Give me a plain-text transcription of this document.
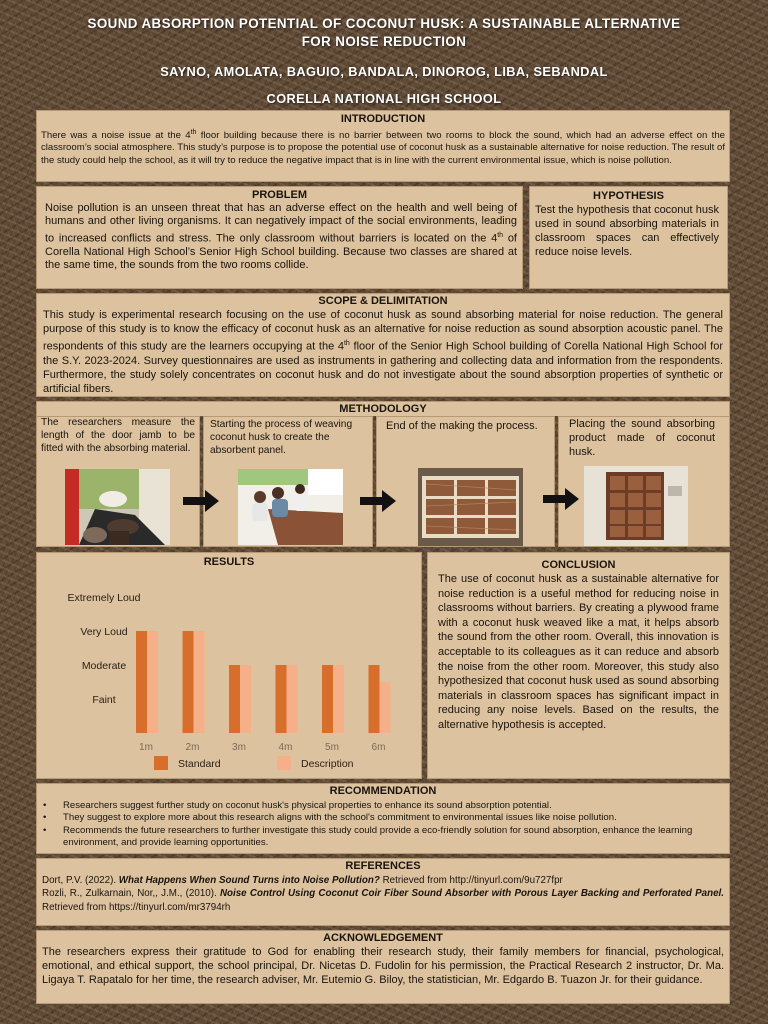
SOUND ABSORPTION POTENTIAL OF COCONUT HUSK: A SUSTAINABLE ALTERNATIVE
FOR NOISE REDUCTION
SAYNO, AMOLATA, BAGUIO, BANDALA, DINOROG, LIBA, SEBANDAL
CORELLA NATIONAL HIGH SCHOOL
INTRODUCTION

There was a noise issue at the 4th floor building because there is no barrier between two rooms to block the sound, which had an adverse effect on the classroom’s social atmosphere. This study’s purpose is to propose the potential use of coconut husk as a sustainable alternative for noise reduction. The result of the study could help the school, as it will try to reduce the negative impact that is in line with the current environmental issue, which is noise pollution.

PROBLEM

Noise pollution is an unseen threat that has an adverse effect on the health and well being of humans and other living organisms. It can negatively impact of the social environments, leading to increased conflicts and stress. The only classroom without barriers is located on the 4th of Corella National High School’s Senior High School building. Because two classes are shared at the same time, the sounds from the two rooms collide.

HYPOTHESIS

Test the hypothesis that coconut husk used in sound absorbing materials in classroom spaces can effectively reduce noise levels.

SCOPE & DELIMITATION

This study is experimental research focusing on the use of coconut husk as sound absorbing material for noise reduction. The general purpose of this study is to know the efficacy of coconut husk as an alternative for noise reduction as sound absorption acoustic panel. The respondents of this study are the learners occupying at the 4th floor of the Senior High School building of Corella National High School for the S.Y. 2023-2024. Survey questionnaires are used as instruments in gathering and collecting data and information from the respondents. Furthermore, the study solely concentrates on coconut husk and do not investigate about the sound absorption properties of synthetic or artificial fibers.

METHODOLOGY

The researchers measure the length of the door jamb to be fitted with the absorbing material.

Starting the process of weaving coconut husk to create the absorbent panel.

End of the making the process.	Placing the sound absorbing product made of coconut husk.

RESULTS
Faint
Moderate
Very Loud
Extremely Loud
1m	2m	3m	4m	5m	6m
Standard	Description
CONCLUSION

The use of coconut husk as a sustainable alternative for noise reduction is a useful method for reducing noise in classrooms without barriers. By creating a plywood frame with a coconut husk weaved like a mat, it helps absorb the sound from the other room. Overall, this innovation is acceptable to its colleagues as it can reduce and absorb the noise from the other room. Moreover, this study also hypothesized that coconut husk used as sound absorbing materials in classroom spaces has significant impact in reducing any noise levels. Based on the results, the alternative hypothesis is accepted.

RECOMMENDATION
• Researchers suggest further study on coconut husk's physical properties to enhance its sound absorption potential.
• They suggest to explore more about this research aligns with the school's commitment to environmental issues like noise pollution.
• Recommends the future researchers to further investigate this study could provide a eco-friendly solution for sound absorption, enhance the learning environment, and provide learning opportunities.
REFERENCES

Dort, P.V. (2022). What Happens When Sound Turns into Noise Pollution? Retrieved from http://tinyurl.com/9u727fpr

Rozli, R., Zulkarnain, Nor,, J.M., (2010). Noise Control Using Coconut Coir Fiber Sound Absorber with Porous Layer Backing and Perforated Panel. Retrieved from https://tinyurl.com/mr3794rh

ACKNOWLEDGEMENT

The researchers express their gratitude to God for enabling their research study, their family members for financial, psychological, emotional, and ethical support, the school principal, Dr. Nicetas D. Fudolin for his permission, the Practical Research 2 instructor, Dr. Ma. Ligaya T. Rapatalo for her time, the research adviser, Mr. Eutemio G. Biloy, the statistician, Mr. Edgardo B. Tuazon Jr. for their guidance.
